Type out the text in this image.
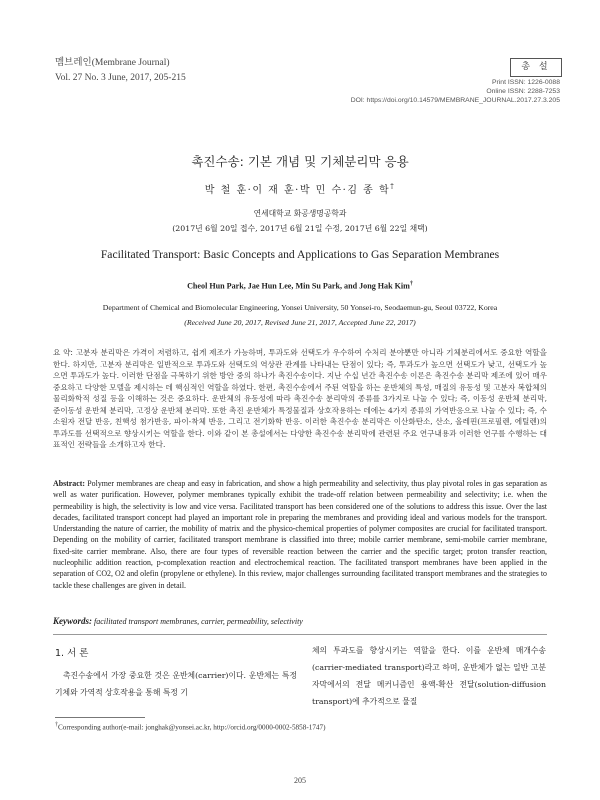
멤브레인(Membrane Journal)
Vol. 27 No. 3 June, 2017, 205-215
총 설
Print ISSN: 1226-0088
Online ISSN: 2288-7253
DOI: https://doi.org/10.14579/MEMBRANE_JOURNAL.2017.27.3.205
촉진수송: 기본 개념 및 기체분리막 응용
박 철 훈·이 재 훈·박 민 수·김 종 학†
연세대학교 화공생명공학과
(2017년 6월 20일 접수, 2017년 6월 21일 수정, 2017년 6월 22일 채택)
Facilitated Transport: Basic Concepts and Applications to Gas Separation Membranes
Cheol Hun Park, Jae Hun Lee, Min Su Park, and Jong Hak Kim†
Department of Chemical and Biomolecular Engineering, Yonsei University, 50 Yonsei-ro, Seodaemun-gu, Seoul 03722, Korea
(Received June 20, 2017, Revised June 21, 2017, Accepted June 22, 2017)
요 약: 고분자 분리막은 가격이 저렴하고, 쉽게 제조가 가능하며, 투과도와 선택도가 우수하여 수처리 분야뿐만 아니라 기체분리에서도 중요한 역할을 한다. 하지만, 고분자 분리막은 일반적으로 투과도와 선택도의 역상관 관계를 나타내는 단점이 있다; 즉, 투과도가 높으면 선택도가 낮고, 선택도가 높으면 투과도가 높다. 이러한 단점을 극복하기 위한 방안 중의 하나가 촉진수송이다. 지난 수십 년간 촉진수송 이론은 촉진수송 분리막 제조에 있어 매우 중요하고 다양한 모델을 제시하는 데 핵심적인 역할을 하였다. 한편, 촉진수송에서 주된 역할을 하는 운반체의 특성, 매질의 유동성 및 고분자 복합체의 물리화학적 성질 등을 이해하는 것은 중요하다. 운반체의 유동성에 따라 촉진수송 분리막의 종류를 3가지로 나눌 수 있다; 즉, 이동성 운반체 분리막, 준이동성 운반체 분리막, 고정상 운반체 분리막. 또한 촉진 운반체가 특정물질과 상호작용하는 데에는 4가지 종류의 가역반응으로 나눌 수 있다; 즉, 수소원자 전달 반응, 친핵성 첨가반응, 파이-착체 반응, 그리고 전기화학 반응. 이러한 촉진수송 분리막은 이산화탄소, 산소, 올레핀(프로필렌, 에틸렌)의 투과도를 선택적으로 향상시키는 역할을 한다. 이와 같이 본 총설에서는 다양한 촉진수송 분리막에 관련된 주요 연구내용과 이러한 연구를 수행하는 대표적인 전략들을 소개하고자 한다.
Abstract: Polymer membranes are cheap and easy in fabrication, and show a high permeability and selectivity, thus play pivotal roles in gas separation as well as water purification. However, polymer membranes typically exhibit the trade-off relation between permeability and selectivity; i.e. when the permeability is high, the selectivity is low and vice versa. Facilitated transport has been considered one of the solutions to address this issue. Over the last decades, facilitated transport concept had played an important role in preparing the membranes and providing ideal and various models for the transport. Understanding the nature of carrier, the mobility of matrix and the physico-chemical properties of polymer composites are crucial for facilitated transport. Depending on the mobility of carrier, facilitated transport membrane is classified into three; mobile carrier membrane, semi-mobile carrier membrane, fixed-site carrier membrane. Also, there are four types of reversible reaction between the carrier and the specific target; proton transfer reaction, nucleophilic addition reaction, p-complexation reaction and electrochemical reaction. The facilitated transport membranes have been applied in the separation of CO2, O2 and olefin (propylene or ethylene). In this review, major challenges surrounding facilitated transport membranes and the strategies to tackle these challenges are given in detail.
Keywords: facilitated transport membranes, carrier, permeability, selectivity
1. 서 론
촉진수송에서 가장 중요한 것은 운반체(carrier)이다. 운반체는 특정 기체와 가역적 상호작용을 통해 특정 기
체의 투과도를 향상시키는 역할을 한다. 이를 운반체 매개수송(carrier-mediated transport)라고 하며, 운반체가 없는 일반 고분자막에서의 전달 메커니즘인 용액-확산 전달(solution-diffusion transport)에 추가적으로 물질
†Corresponding author(e-mail: jonghak@yonsei.ac.kr, http://orcid.org/0000-0002-5858-1747)
205
